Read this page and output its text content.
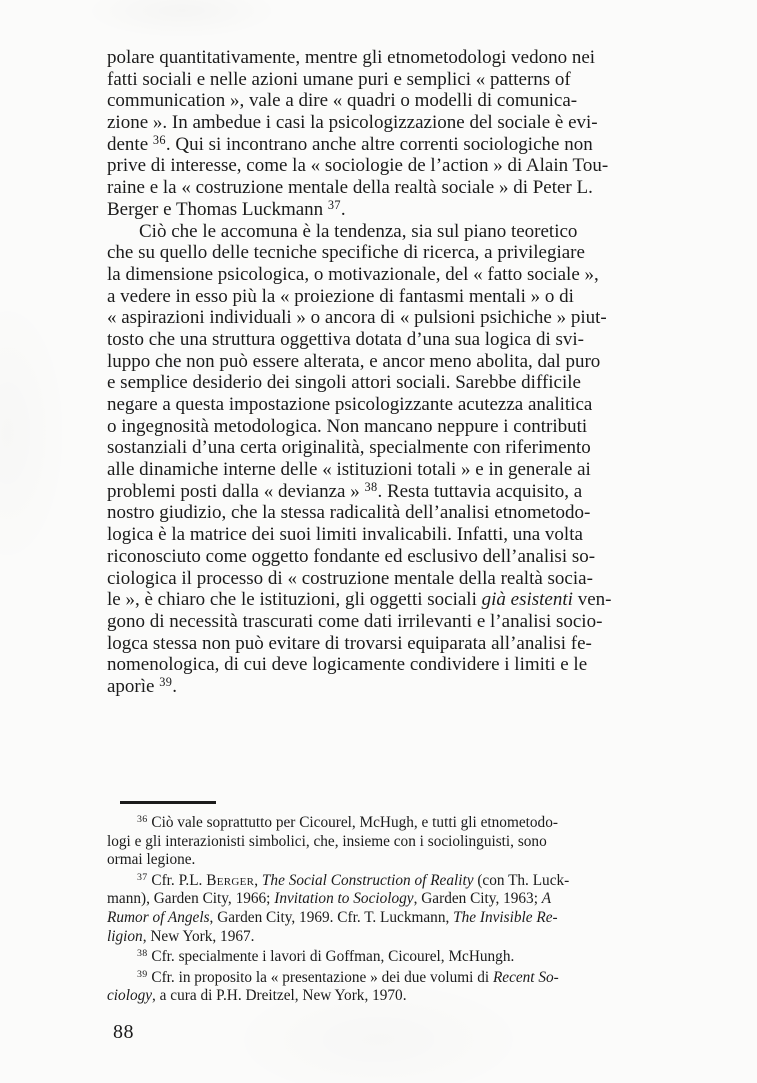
polare quantitativamente, mentre gli etnometodologi vedono nei
fatti sociali e nelle azioni umane puri e semplici « patterns of
communication », vale a dire « quadri o modelli di comunica-
zione ». In ambedue i casi la psicologizzazione del sociale è evi-
dente $^{36}$. Qui si incontrano anche altre correnti sociologiche non
prive di interesse, come la « sociologie de l’action » di Alain Tou-
raine e la « costruzione mentale della realtà sociale » di Peter L.
Berger e Thomas Luckmann $^{37}$.
Ciò che le accomuna è la tendenza, sia sul piano teoretico
che su quello delle tecniche specifiche di ricerca, a privilegiare
la dimensione psicologica, o motivazionale, del « fatto sociale »,
a vedere in esso più la « proiezione di fantasmi mentali » o di
« aspirazioni individuali » o ancora di « pulsioni psichiche » piut-
tosto che una struttura oggettiva dotata d’una sua logica di svi-
luppo che non può essere alterata, e ancor meno abolita, dal puro
e semplice desiderio dei singoli attori sociali. Sarebbe difficile
negare a questa impostazione psicologizzante acutezza analitica
o ingegnosità metodologica. Non mancano neppure i contributi
sostanziali d’una certa originalità, specialmente con riferimento
alle dinamiche interne delle « istituzioni totali » e in generale ai
problemi posti dalla « devianza » $^{38}$. Resta tuttavia acquisito, a
nostro giudizio, che la stessa radicalità dell’analisi etnometodo-
logica è la matrice dei suoi limiti invalicabili. Infatti, una volta
riconosciuto come oggetto fondante ed esclusivo dell’analisi so-
ciologica il processo di « costruzione mentale della realtà socia-
le », è chiaro che le istituzioni, gli oggetti sociali già esistenti ven-
gono di necessità trascurati come dati irrilevanti e l’analisi socio-
logca stessa non può evitare di trovarsi equiparata all’analisi fe-
nomenologica, di cui deve logicamente condividere i limiti e le
aporìe $^{39}$.
$^{36}$ Ciò vale soprattutto per Cicourel, McHugh, e tutti gli etnometodo-
logi e gli interazionisti simbolici, che, insieme con i sociolinguisti, sono
ormai legione.
$^{37}$ Cfr. P.L. Berger, The Social Construction of Reality (con Th. Luck-
mann), Garden City, 1966; Invitation to Sociology, Garden City, 1963; A
Rumor of Angels, Garden City, 1969. Cfr. T. Luckmann, The Invisible Re-
ligion, New York, 1967.
$^{38}$ Cfr. specialmente i lavori di Goffman, Cicourel, McHungh.
$^{39}$ Cfr. in proposito la « presentazione » dei due volumi di Recent So-
ciology, a cura di P.H. Dreitzel, New York, 1970.
88
